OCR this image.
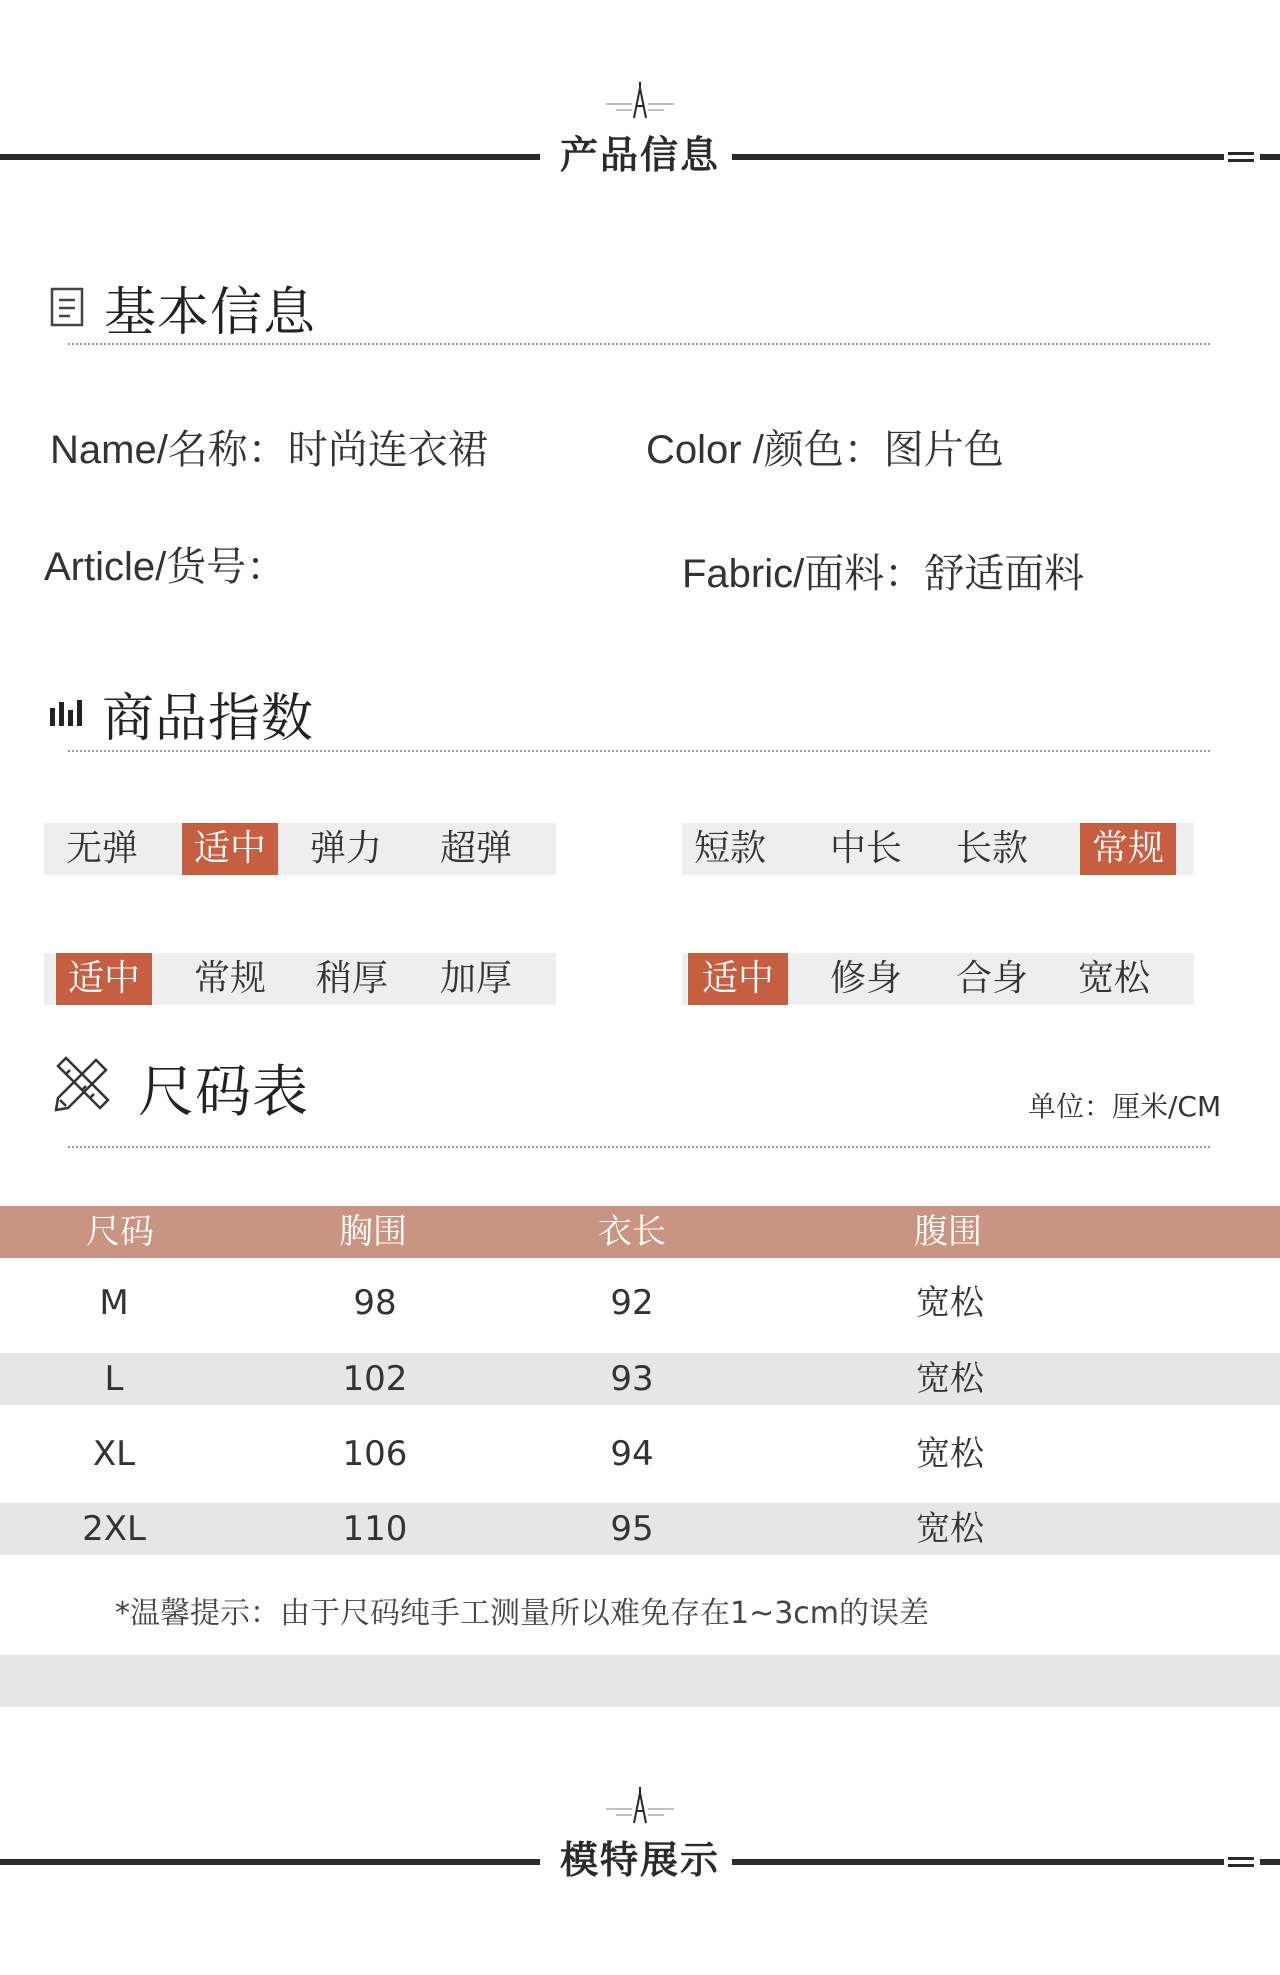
产品信息
基本信息
Name/名称：时尚连衣裙	Color /颜色：图片色
Article/货号：	Fabric/面料：舒适面料
商品指数
无弹	适中	弹力	超弹	短款	中长	长款	常规
适中	常规	稍厚	加厚	适中	修身	合身	宽松
尺码表	单位：厘米/CM
尺码	胸围	衣长	腹围
M	98	92	宽松
L	102	93	宽松
XL	106	94	宽松
2XL	110	95	宽松
*温馨提示：由于尺码纯手工测量所以难免存在1~3cm的误差
模特展示
